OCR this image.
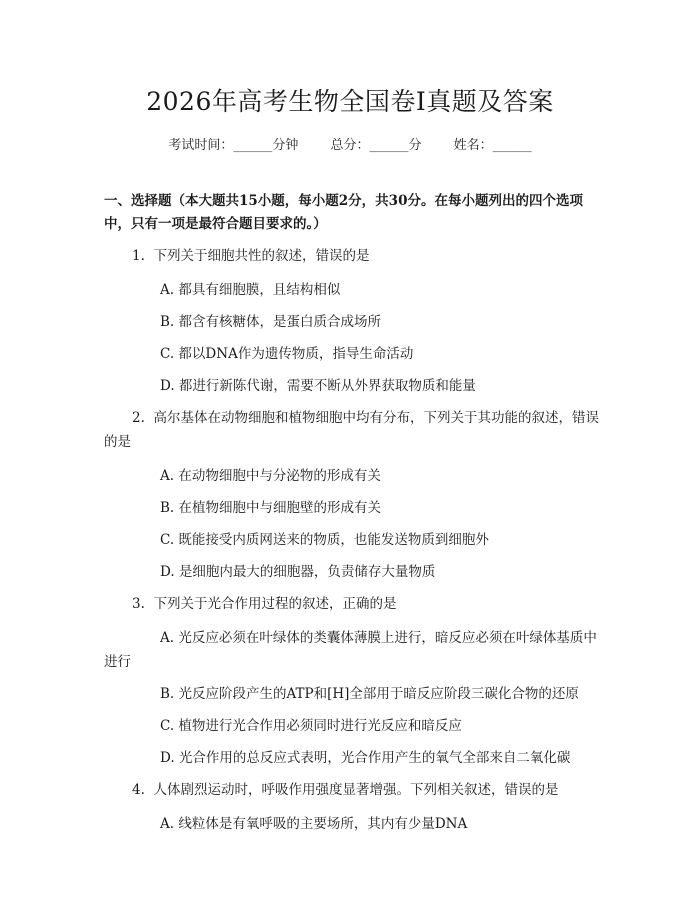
2026年高考生物全国卷Ⅰ真题及答案
考试时间：______分钟 总分：______分 姓名：______
一、选择题（本大题共15小题，每小题2分，共30分。在每小题列出的四个选项中，只有一项是最符合题目要求的。）
1.  下列关于细胞共性的叙述，错误的是
A. 都具有细胞膜，且结构相似
B. 都含有核糖体，是蛋白质合成场所
C. 都以DNA作为遗传物质，指导生命活动
D. 都进行新陈代谢，需要不断从外界获取物质和能量
2.  高尔基体在动物细胞和植物细胞中均有分布，下列关于其功能的叙述，错误的是
A. 在动物细胞中与分泌物的形成有关
B. 在植物细胞中与细胞壁的形成有关
C. 既能接受内质网送来的物质，也能发送物质到细胞外
D. 是细胞内最大的细胞器，负责储存大量物质
3.  下列关于光合作用过程的叙述，正确的是
A. 光反应必须在叶绿体的类囊体薄膜上进行，暗反应必须在叶绿体基质中进行
B. 光反应阶段产生的ATP和[H]全部用于暗反应阶段三碳化合物的还原
C. 植物进行光合作用必须同时进行光反应和暗反应
D. 光合作用的总反应式表明，光合作用产生的氧气全部来自二氧化碳
4.  人体剧烈运动时，呼吸作用强度显著增强。下列相关叙述，错误的是
A. 线粒体是有氧呼吸的主要场所，其内有少量DNA
